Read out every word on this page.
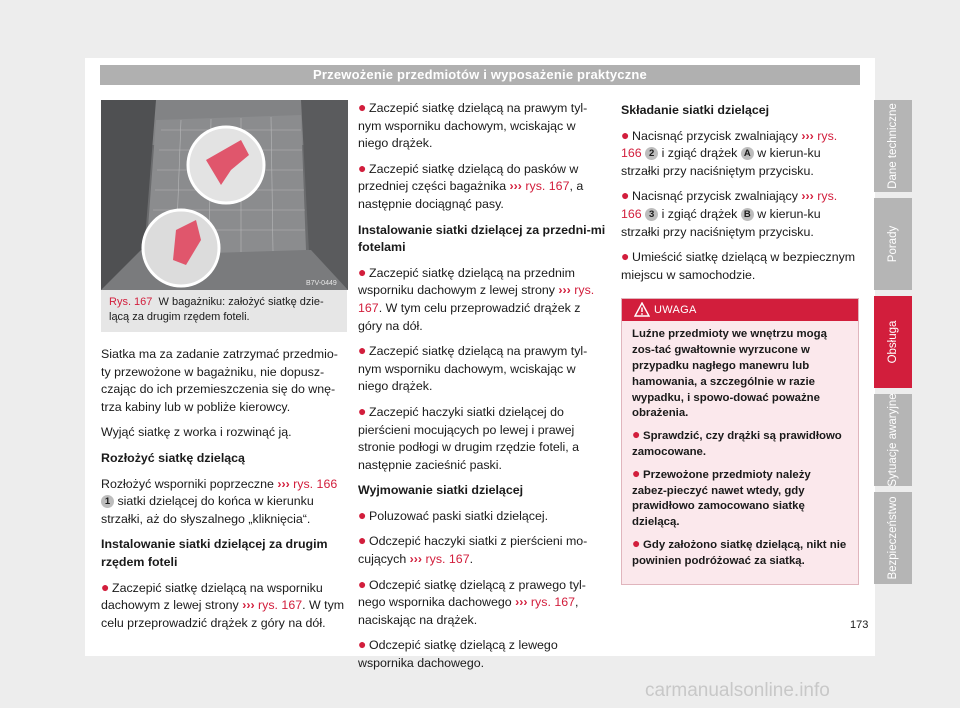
Przewożenie przedmiotów i wyposażenie praktyczne
B7V-0449
Rys. 167 W bagażniku: założyć siatkę dzie-lącą za drugim rzędem foteli.

Siatka ma za zadanie zatrzymać przedmio-ty przewożone w bagażniku, nie dopusz-czając do ich przemieszczenia się do wnę-trza kabiny lub w pobliże kierowcy.

Wyjąć siatkę z worka i rozwinąć ją.

Rozłożyć siatkę dzielącą

Rozłożyć wsporniki poprzeczne ››› rys. 166 1 siatki dzielącej do końca w kierunku strzałki, aż do słyszalnego „kliknięcia“.

Instalowanie siatki dzielącej za drugim rzędem foteli

● Zaczepić siatkę dzielącą na wsporniku dachowym z lewej strony ››› rys. 167. W tym celu przeprowadzić drążek z góry na dół.

● Zaczepić siatkę dzielącą na prawym tyl-nym wsporniku dachowym, wciskając w niego drążek.

● Zaczepić siatkę dzielącą do pasków w przedniej części bagażnika ››› rys. 167, a następnie dociągnąć pasy.

Instalowanie siatki dzielącej za przedni-mi fotelami

● Zaczepić siatkę dzielącą na przednim wsporniku dachowym z lewej strony ››› rys. 167. W tym celu przeprowadzić drążek z góry na dół.

● Zaczepić siatkę dzielącą na prawym tyl-nym wsporniku dachowym, wciskając w niego drążek.

● Zaczepić haczyki siatki dzielącej do pierścieni mocujących po lewej i prawej stronie podłogi w drugim rzędzie foteli, a następnie zacieśnić paski.

Wyjmowanie siatki dzielącej

● Poluzować paski siatki dzielącej.

● Odczepić haczyki siatki z pierścieni mo-cujących ››› rys. 167.

● Odczepić siatkę dzielącą z prawego tyl-nego wspornika dachowego ››› rys. 167, naciskając na drążek.

● Odczepić siatkę dzielącą z lewego wspornika dachowego.

Składanie siatki dzielącej

● Nacisnąć przycisk zwalniający ››› rys. 166 2 i zgiąć drążek A w kierun-ku strzałki przy naciśniętym przycisku.

● Nacisnąć przycisk zwalniający ››› rys. 166 3 i zgiąć drążek B w kierun-ku strzałki przy naciśniętym przycisku.

● Umieścić siatkę dzielącą w bezpiecznym miejscu w samochodzie.

UWAGA

Luźne przedmioty we wnętrzu mogą zos-tać gwałtownie wyrzucone w przypadku nagłego manewru lub hamowania, a szczególnie w razie wypadku, i spowo-dować poważne obrażenia.

● Sprawdzić, czy drążki są prawidłowo zamocowane.

● Przewożone przedmioty należy zabez-pieczyć nawet wtedy, gdy prawidłowo zamocowano siatkę dzielącą.

● Gdy założono siatkę dzielącą, nikt nie powinien podróżować za siatką.

Dane techniczne
Porady
Obsługa
Sytuacje awaryjne
Bezpieczeństwo
173
carmanualsonline.info
